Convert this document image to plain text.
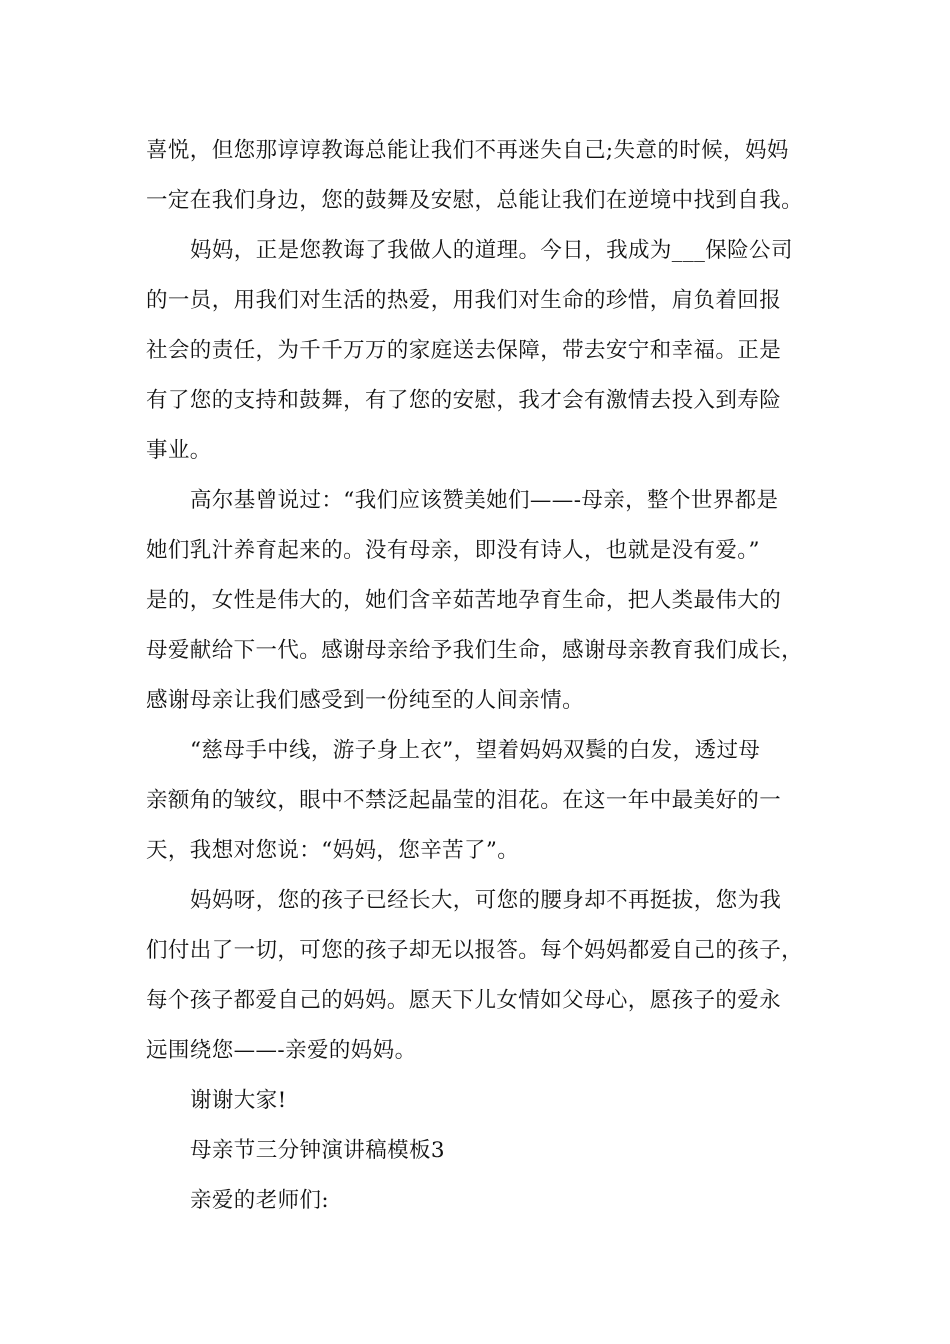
喜悦，但您那谆谆教诲总能让我们不再迷失自己;失意的时候，妈妈
一定在我们身边，您的鼓舞及安慰，总能让我们在逆境中找到自我。
妈妈，正是您教诲了我做人的道理。今日，我成为___保险公司
的一员，用我们对生活的热爱，用我们对生命的珍惜，肩负着回报
社会的责任，为千千万万的家庭送去保障，带去安宁和幸福。正是
有了您的支持和鼓舞，有了您的安慰，我才会有激情去投入到寿险
事业。
高尔基曾说过：“我们应该赞美她们——-母亲，整个世界都是
她们乳汁养育起来的。没有母亲，即没有诗人，也就是没有爱。”
是的，女性是伟大的，她们含辛茹苦地孕育生命，把人类最伟大的
母爱献给下一代。感谢母亲给予我们生命，感谢母亲教育我们成长，
感谢母亲让我们感受到一份纯至的人间亲情。
“慈母手中线，游子身上衣”，望着妈妈双鬓的白发，透过母
亲额角的皱纹，眼中不禁泛起晶莹的泪花。在这一年中最美好的一
天，我想对您说：“妈妈，您辛苦了”。
妈妈呀，您的孩子已经长大，可您的腰身却不再挺拔，您为我
们付出了一切，可您的孩子却无以报答。每个妈妈都爱自己的孩子，
每个孩子都爱自己的妈妈。愿天下儿女情如父母心，愿孩子的爱永
远围绕您——-亲爱的妈妈。
谢谢大家!
母亲节三分钟演讲稿模板3
亲爱的老师们:
